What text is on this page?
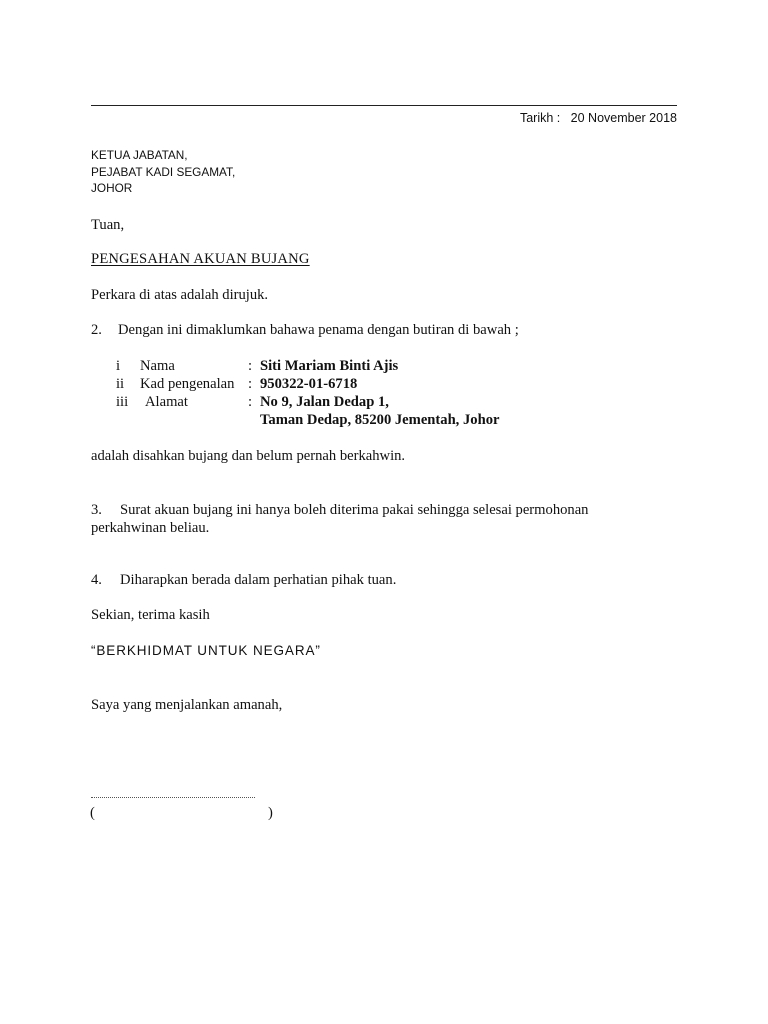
Tarikh : 20 November 2018
KETUA JABATAN,
PEJABAT KADI SEGAMAT,
JOHOR
Tuan,
PENGESAHAN AKUAN BUJANG
Perkara di atas adalah dirujuk.
2. Dengan ini dimaklumkan bahawa penama dengan butiran di bawah ;
i Nama	: Siti Mariam Binti Ajis
ii Kad pengenalan : 950322-01-6718
iii Alamat	: No 9, Jalan Dedap 1,
Taman Dedap, 85200 Jementah, Johor
adalah disahkan bujang dan belum pernah berkahwin.
3. Surat akuan bujang ini hanya boleh diterima pakai sehingga selesai permohonan
perkahwinan beliau.
4. Diharapkan berada dalam perhatian pihak tuan.
Sekian, terima kasih
“BERKHIDMAT UNTUK NEGARA”
Saya yang menjalankan amanah,
(	)
